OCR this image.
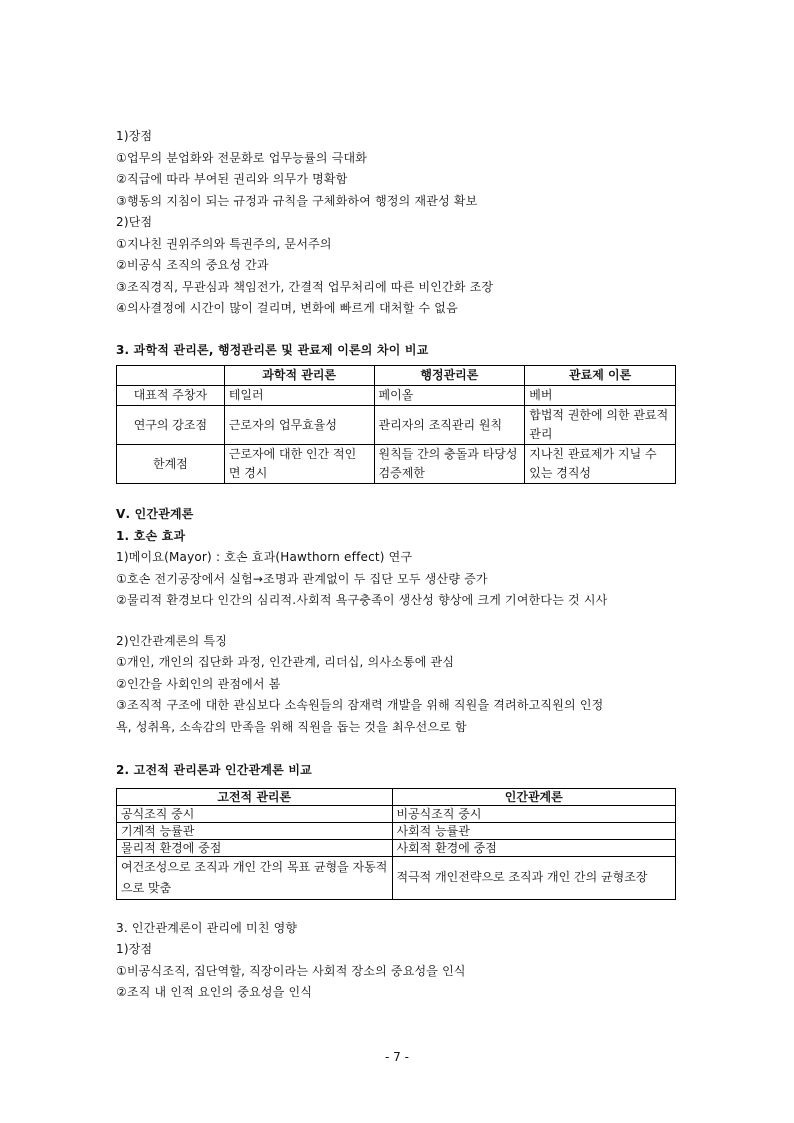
1)장점
①업무의 분업화와 전문화로 업무능률의 극대화
②직급에 따라 부여된 권리와 의무가 명확함
③행동의 지침이 되는 규정과 규칙을 구체화하여 행정의 재관성 확보
2)단점
①지나친 권위주의와 특권주의, 문서주의
②비공식 조직의 중요성 간과
③조직경직, 무관심과 책임전가, 간결적 업무처리에 따른 비인간화 조장
④의사결정에 시간이 많이 걸리며, 변화에 빠르게 대처할 수 없음
3. 과학적 관리론, 행정관리론 및 관료제 이론의 차이 비교
	과학적 관리론	행정관리론	관료제 이론
대표적 주창자	테일러	페이올	베버
연구의 강조점	근로자의 업무효율성	관리자의 조직관리 원칙	합법적 권한에 의한 관료적 관리
한계점	근로자에 대한 인간 적인 면 경시	원칙들 간의 충돌과 타당성 검증제한	지나친 관료제가 지닐 수 있는 경직성
Ⅴ. 인간관계론
1. 호손 효과
1)메이요(Mayor) : 호손 효과(Hawthorn effect) 연구
①호손 전기공장에서 실험→조명과 관계없이 두 집단 모두 생산량 증가
②물리적 환경보다 인간의 심리적.사회적 욕구충족이 생산성 향상에 크게 기여한다는 것 시사
2)인간관계론의 특징
①개인, 개인의 집단화 과정, 인간관계, 리더십, 의사소통에 관심
②인간을 사회인의 관점에서 봄
③조직적 구조에 대한 관심보다 소속원들의 잠재력 개발을 위해 직원을 격려하고직원의 인정
욕, 성취욕, 소속감의 만족을 위해 직원을 돕는 것을 최우선으로 함
2. 고전적 관리론과 인간관계론 비교
고전적 관리론	인간관계론
공식조직 중시	비공식조직 중시
기계적 능률관	사회적 능률관
물리적 환경에 중점	사회적 환경에 중점
여건조성으로 조직과 개인 간의 목표 균형을 자동적으로 맞춤	적극적 개인전략으로 조직과 개인 간의 균형조장
3. 인간관계론이 관리에 미친 영향
1)장점
①비공식조직, 집단역할, 직장이라는 사회적 장소의 중요성을 인식
②조직 내 인적 요인의 중요성을 인식
- 7 -
